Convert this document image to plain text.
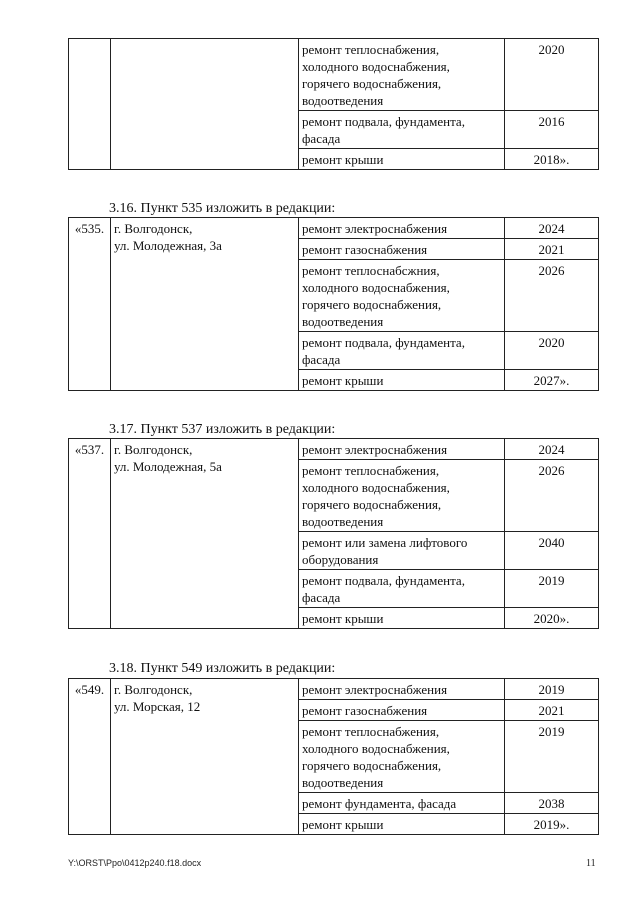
		ремонт теплоснабжения,
холодного водоснабжения,
горячего водоснабжения,
водоотведения	2020
		ремонт подвала, фундамента,
фасада	2016
		ремонт крыши	2018».
3.16. Пункт 535 изложить в редакции:
«535.	г. Волгодонск,
ул. Молодежная, 3а	ремонт электроснабжения	2024
		ремонт газоснабжения	2021
		ремонт теплоснабсжния,
холодного водоснабжения,
горячего водоснабжения,
водоотведения	2026
		ремонт подвала, фундамента,
фасада	2020
		ремонт крыши	2027».
3.17. Пункт 537 изложить в редакции:
«537.	г. Волгодонск,
ул. Молодежная, 5а	ремонт электроснабжения	2024
		ремонт теплоснабжения,
холодного водоснабжения,
горячего водоснабжения,
водоотведения	2026
		ремонт или замена лифтового
оборудования	2040
		ремонт подвала, фундамента,
фасада	2019
		ремонт крыши	2020».
3.18. Пункт 549 изложить в редакции:
«549.	г. Волгодонск,
ул. Морская, 12	ремонт электроснабжения	2019
		ремонт газоснабжения	2021
		ремонт теплоснабжения,
холодного водоснабжения,
горячего водоснабжения,
водоотведения	2019
		ремонт фундамента, фасада	2038
		ремонт крыши	2019».
Y:\ORST\Ppo\0412p240.f18.docx	11
